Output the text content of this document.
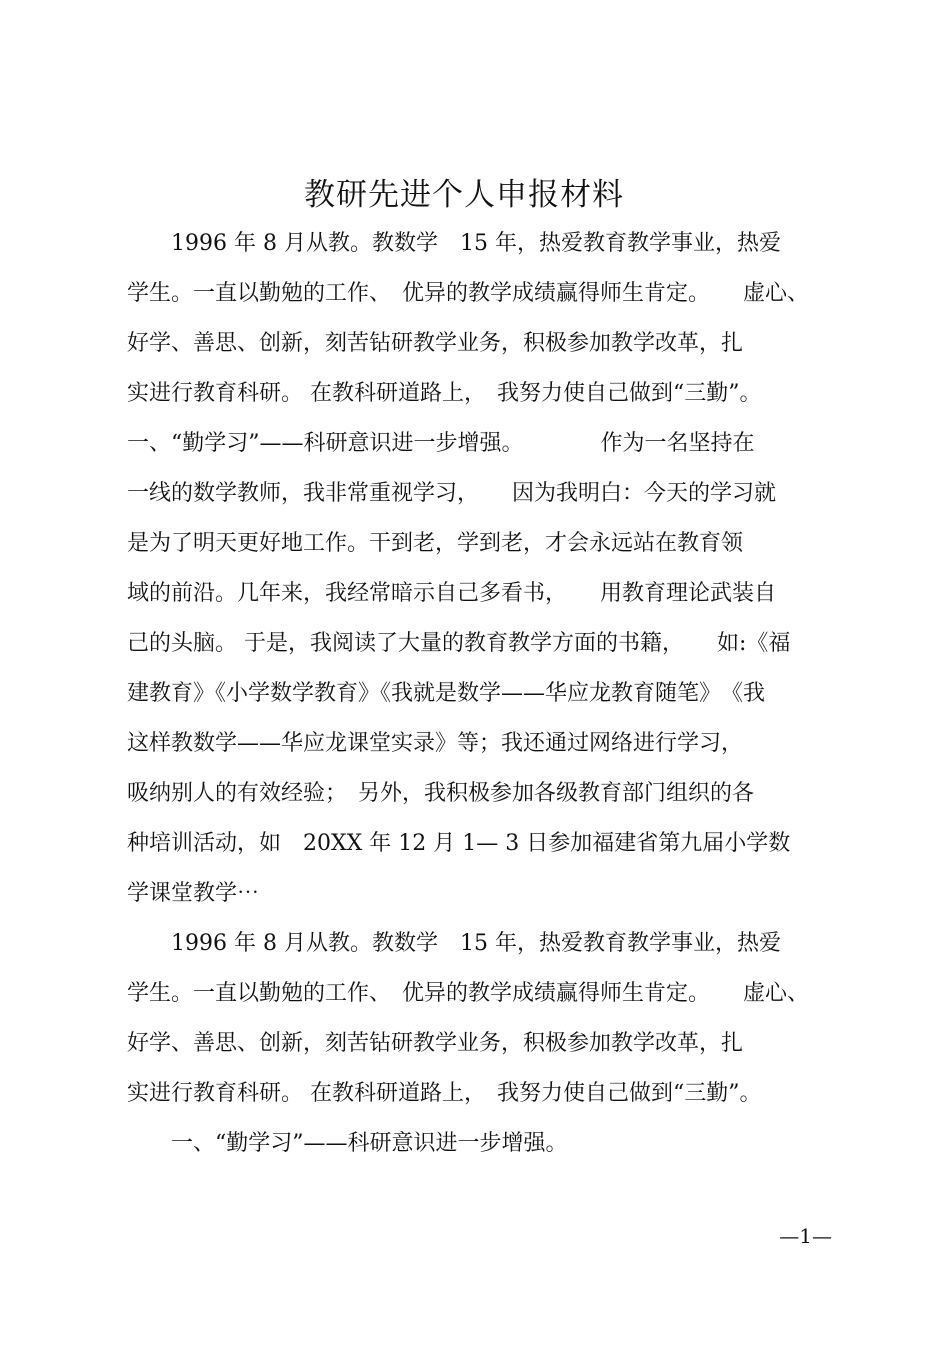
教研先进个人申报材料
　　1996 年 8 月从教。教数学　15 年，热爱教育教学事业，热爱
学生。一直以勤勉的工作、　优异的教学成绩赢得师生肯定。　　虚心、
好学、善思、创新，刻苦钻研教学业务，积极参加教学改革，扎
实进行教育科研。 在教科研道路上，　我努力使自己做到“三勤”。
一、“勤学习”——科研意识进一步增强。　　　　作为一名坚持在
一线的数学教师，我非常重视学习，　　因为我明白：今天的学习就
是为了明天更好地工作。干到老，学到老，才会永远站在教育领
域的前沿。几年来，我经常暗示自己多看书，　　用教育理论武装自
己的头脑。 于是，我阅读了大量的教育教学方面的书籍，　　如:《福
建教育》《小学数学教育》《我就是数学——华应龙教育随笔》　《我
这样教数学——华应龙课堂实录》等；我还通过网络进行学习，
吸纳别人的有效经验；　另外，我积极参加各级教育部门组织的各
种培训活动，如　20XX 年 12 月 1— 3 日参加福建省第九届小学数
学课堂教学⋯
　　1996 年 8 月从教。教数学　15 年，热爱教育教学事业，热爱
学生。一直以勤勉的工作、　优异的教学成绩赢得师生肯定。　　虚心、
好学、善思、创新，刻苦钻研教学业务，积极参加教学改革，扎
实进行教育科研。 在教科研道路上，　我努力使自己做到“三勤”。
　　一、“勤学习”——科研意识进一步增强。
—1—
